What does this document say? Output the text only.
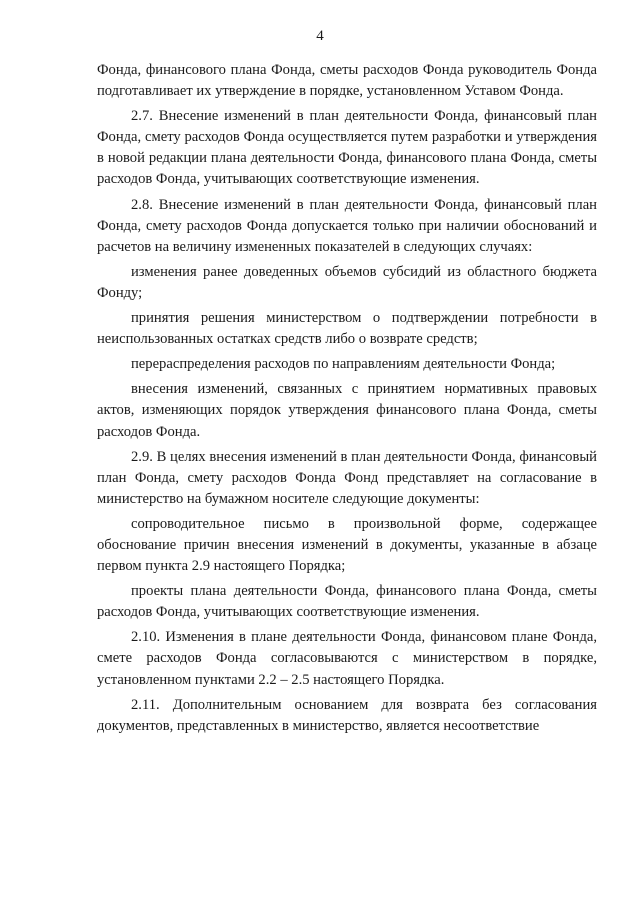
4

Фонда, финансового плана Фонда, сметы расходов Фонда руководитель Фонда подготавливает их утверждение в порядке, установленном Уставом Фонда.

2.7. Внесение изменений в план деятельности Фонда, финансовый план Фонда, смету расходов Фонда осуществляется путем разработки и утверждения в новой редакции плана деятельности Фонда, финансового плана Фонда, сметы расходов Фонда, учитывающих соответствующие изменения.

2.8. Внесение изменений в план деятельности Фонда, финансовый план Фонда, смету расходов Фонда допускается только при наличии обоснований и расчетов на величину измененных показателей в следующих случаях:

изменения ранее доведенных объемов субсидий из областного бюджета Фонду;

принятия решения министерством о подтверждении потребности в неиспользованных остатках средств либо о возврате средств;

перераспределения расходов по направлениям деятельности Фонда;

внесения изменений, связанных с принятием нормативных правовых актов, изменяющих порядок утверждения финансового плана Фонда, сметы расходов Фонда.

2.9. В целях внесения изменений в план деятельности Фонда, финансовый план Фонда, смету расходов Фонда Фонд представляет на согласование в министерство на бумажном носителе следующие документы:

сопроводительное письмо в произвольной форме, содержащее обоснование причин внесения изменений в документы, указанные в абзаце первом пункта 2.9 настоящего Порядка;

проекты плана деятельности Фонда, финансового плана Фонда, сметы расходов Фонда, учитывающих соответствующие изменения.

2.10. Изменения в плане деятельности Фонда, финансовом плане Фонда, смете расходов Фонда согласовываются с министерством в порядке, установленном пунктами 2.2 – 2.5 настоящего Порядка.

2.11. Дополнительным основанием для возврата без согласования документов, представленных в министерство, является несоответствие
